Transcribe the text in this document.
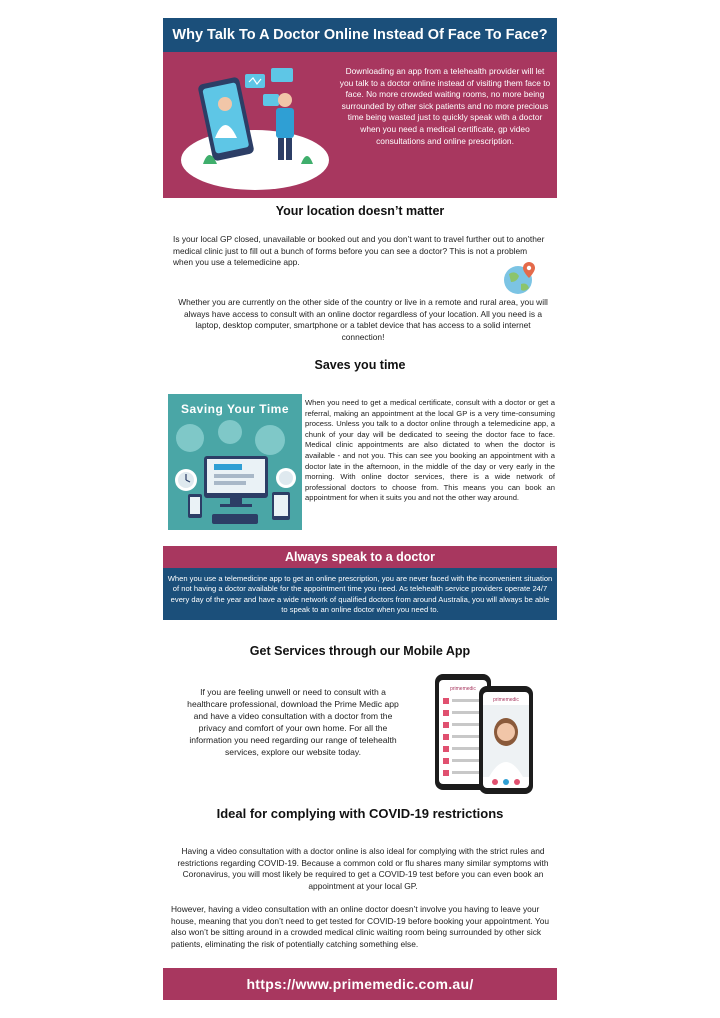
Why Talk To A Doctor Online Instead Of Face To Face?
Downloading an app from a telehealth provider will let you talk to a doctor online instead of visiting them face to face. No more crowded waiting rooms, no more being surrounded by other sick patients and no more precious time being wasted just to quickly speak with a doctor when you need a medical certificate, gp video consultations and online prescription.
Your location doesn’t matter
Is your local GP closed, unavailable or booked out and you don’t want to travel further out to another medical clinic just to fill out a bunch of forms before you can see a doctor? This is not a problem when you use a telemedicine app.
Whether you are currently on the other side of the country or live in a remote and rural area, you will always have access to consult with an online doctor regardless of your location. All you need is a laptop, desktop computer, smartphone or a tablet device that has access to a solid internet connection!
Saves you time
Saving Your Time	When you need to get a medical certificate, consult with a doctor or get a referral, making an appointment at the local GP is a very time-consuming process. Unless you talk to a doctor online through a telemedicine app, a chunk of your day will be dedicated to seeing the doctor face to face. Medical clinic appointments are also dictated to when the doctor is available - and not you. This can see you booking an appointment with a doctor late in the afternoon, in the middle of the day or very early in the morning. With online doctor services, there is a wide network of professional doctors to choose from. This means you can book an appointment for when it suits you and not the other way around.
Always speak to a doctor
When you use a telemedicine app to get an online prescription, you are never faced with the inconvenient situation of not having a doctor available for the appointment time you need. As telehealth service providers operate 24/7 every day of the year and have a wide network of qualified doctors from around Australia, you will always be able to speak to an online doctor when you need to.
Get Services through our Mobile App
If you are feeling unwell or need to consult with a healthcare professional, download the Prime Medic app and have a video consultation with a doctor from the privacy and comfort of your own home. For all the information you need regarding our range of telehealth services, explore our website today.
primemedic
primemedic
Ideal for complying with COVID-19 restrictions
Having a video consultation with a doctor online is also ideal for complying with the strict rules and restrictions regarding COVID-19. Because a common cold or flu shares many similar symptoms with Coronavirus, you will most likely be required to get a COVID-19 test before you can even book an appointment at your local GP.
However, having a video consultation with an online doctor doesn’t involve you having to leave your house, meaning that you don’t need to get tested for COVID-19 before booking your appointment. You also won’t be sitting around in a crowded medical clinic waiting room being surrounded by other sick patients, eliminating the risk of potentially catching something else.
https://www.primemedic.com.au/
